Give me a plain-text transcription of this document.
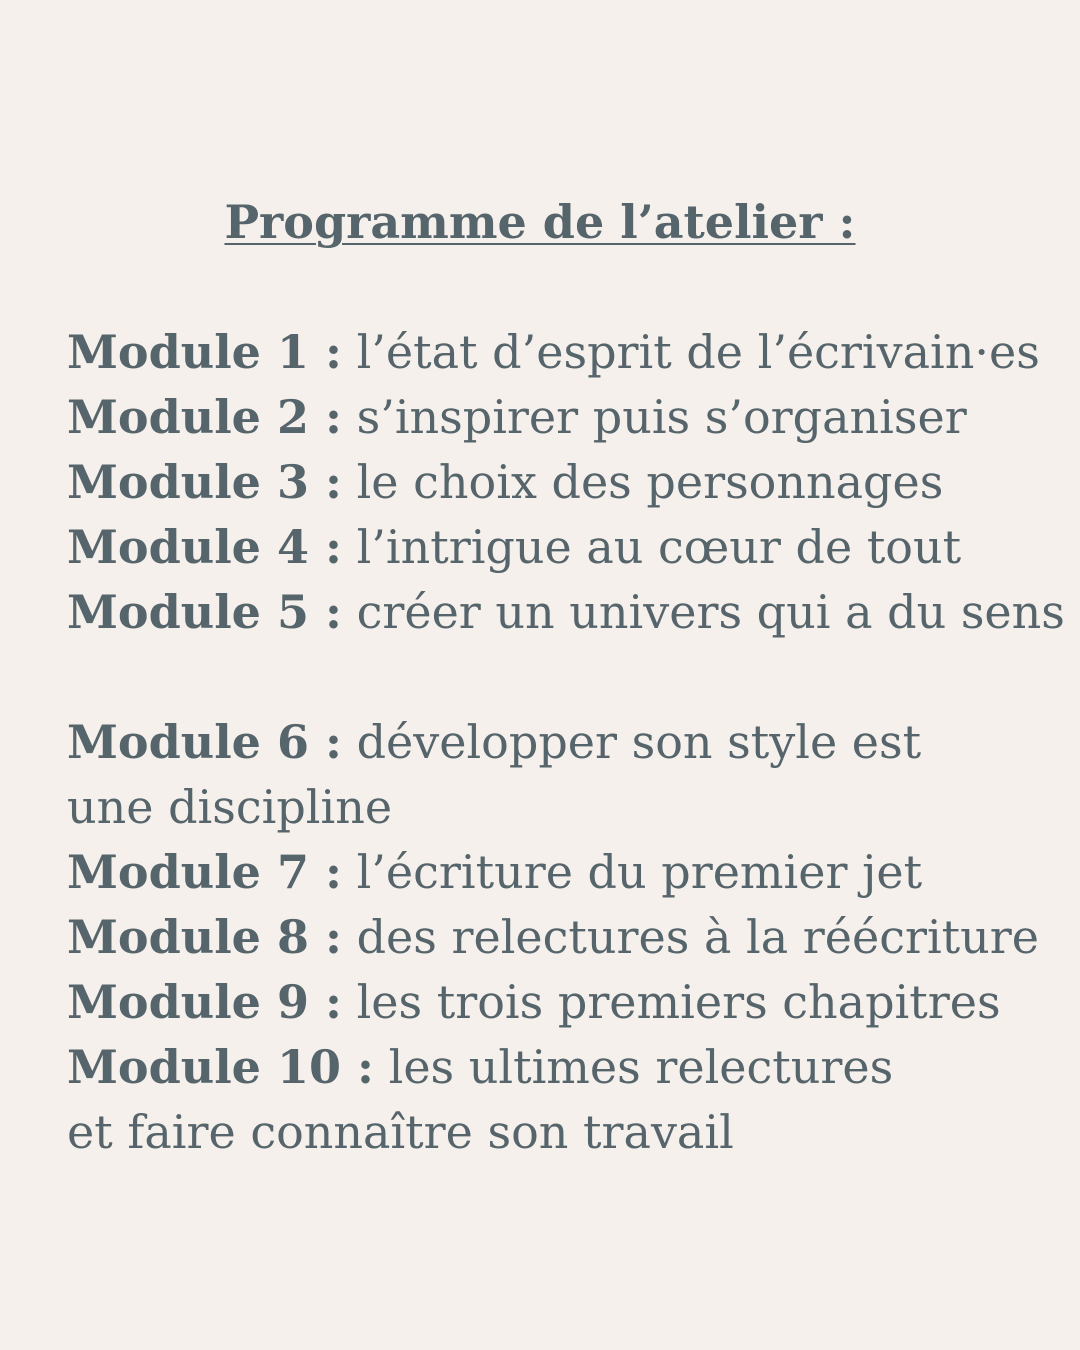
Programme de l’atelier :

Module 1 : l’état d’esprit de l’écrivain·es

Module 2 : s’inspirer puis s’organiser

Module 3 : le choix des personnages

Module 4 : l’intrigue au cœur de tout

Module 5 : créer un univers qui a du sens

Module 6 : développer son style est une discipline

Module 7 : l’écriture du premier jet

Module 8 : des relectures à la réécriture

Module 9 : les trois premiers chapitres

Module 10 : les ultimes relectures et faire connaître son travail
